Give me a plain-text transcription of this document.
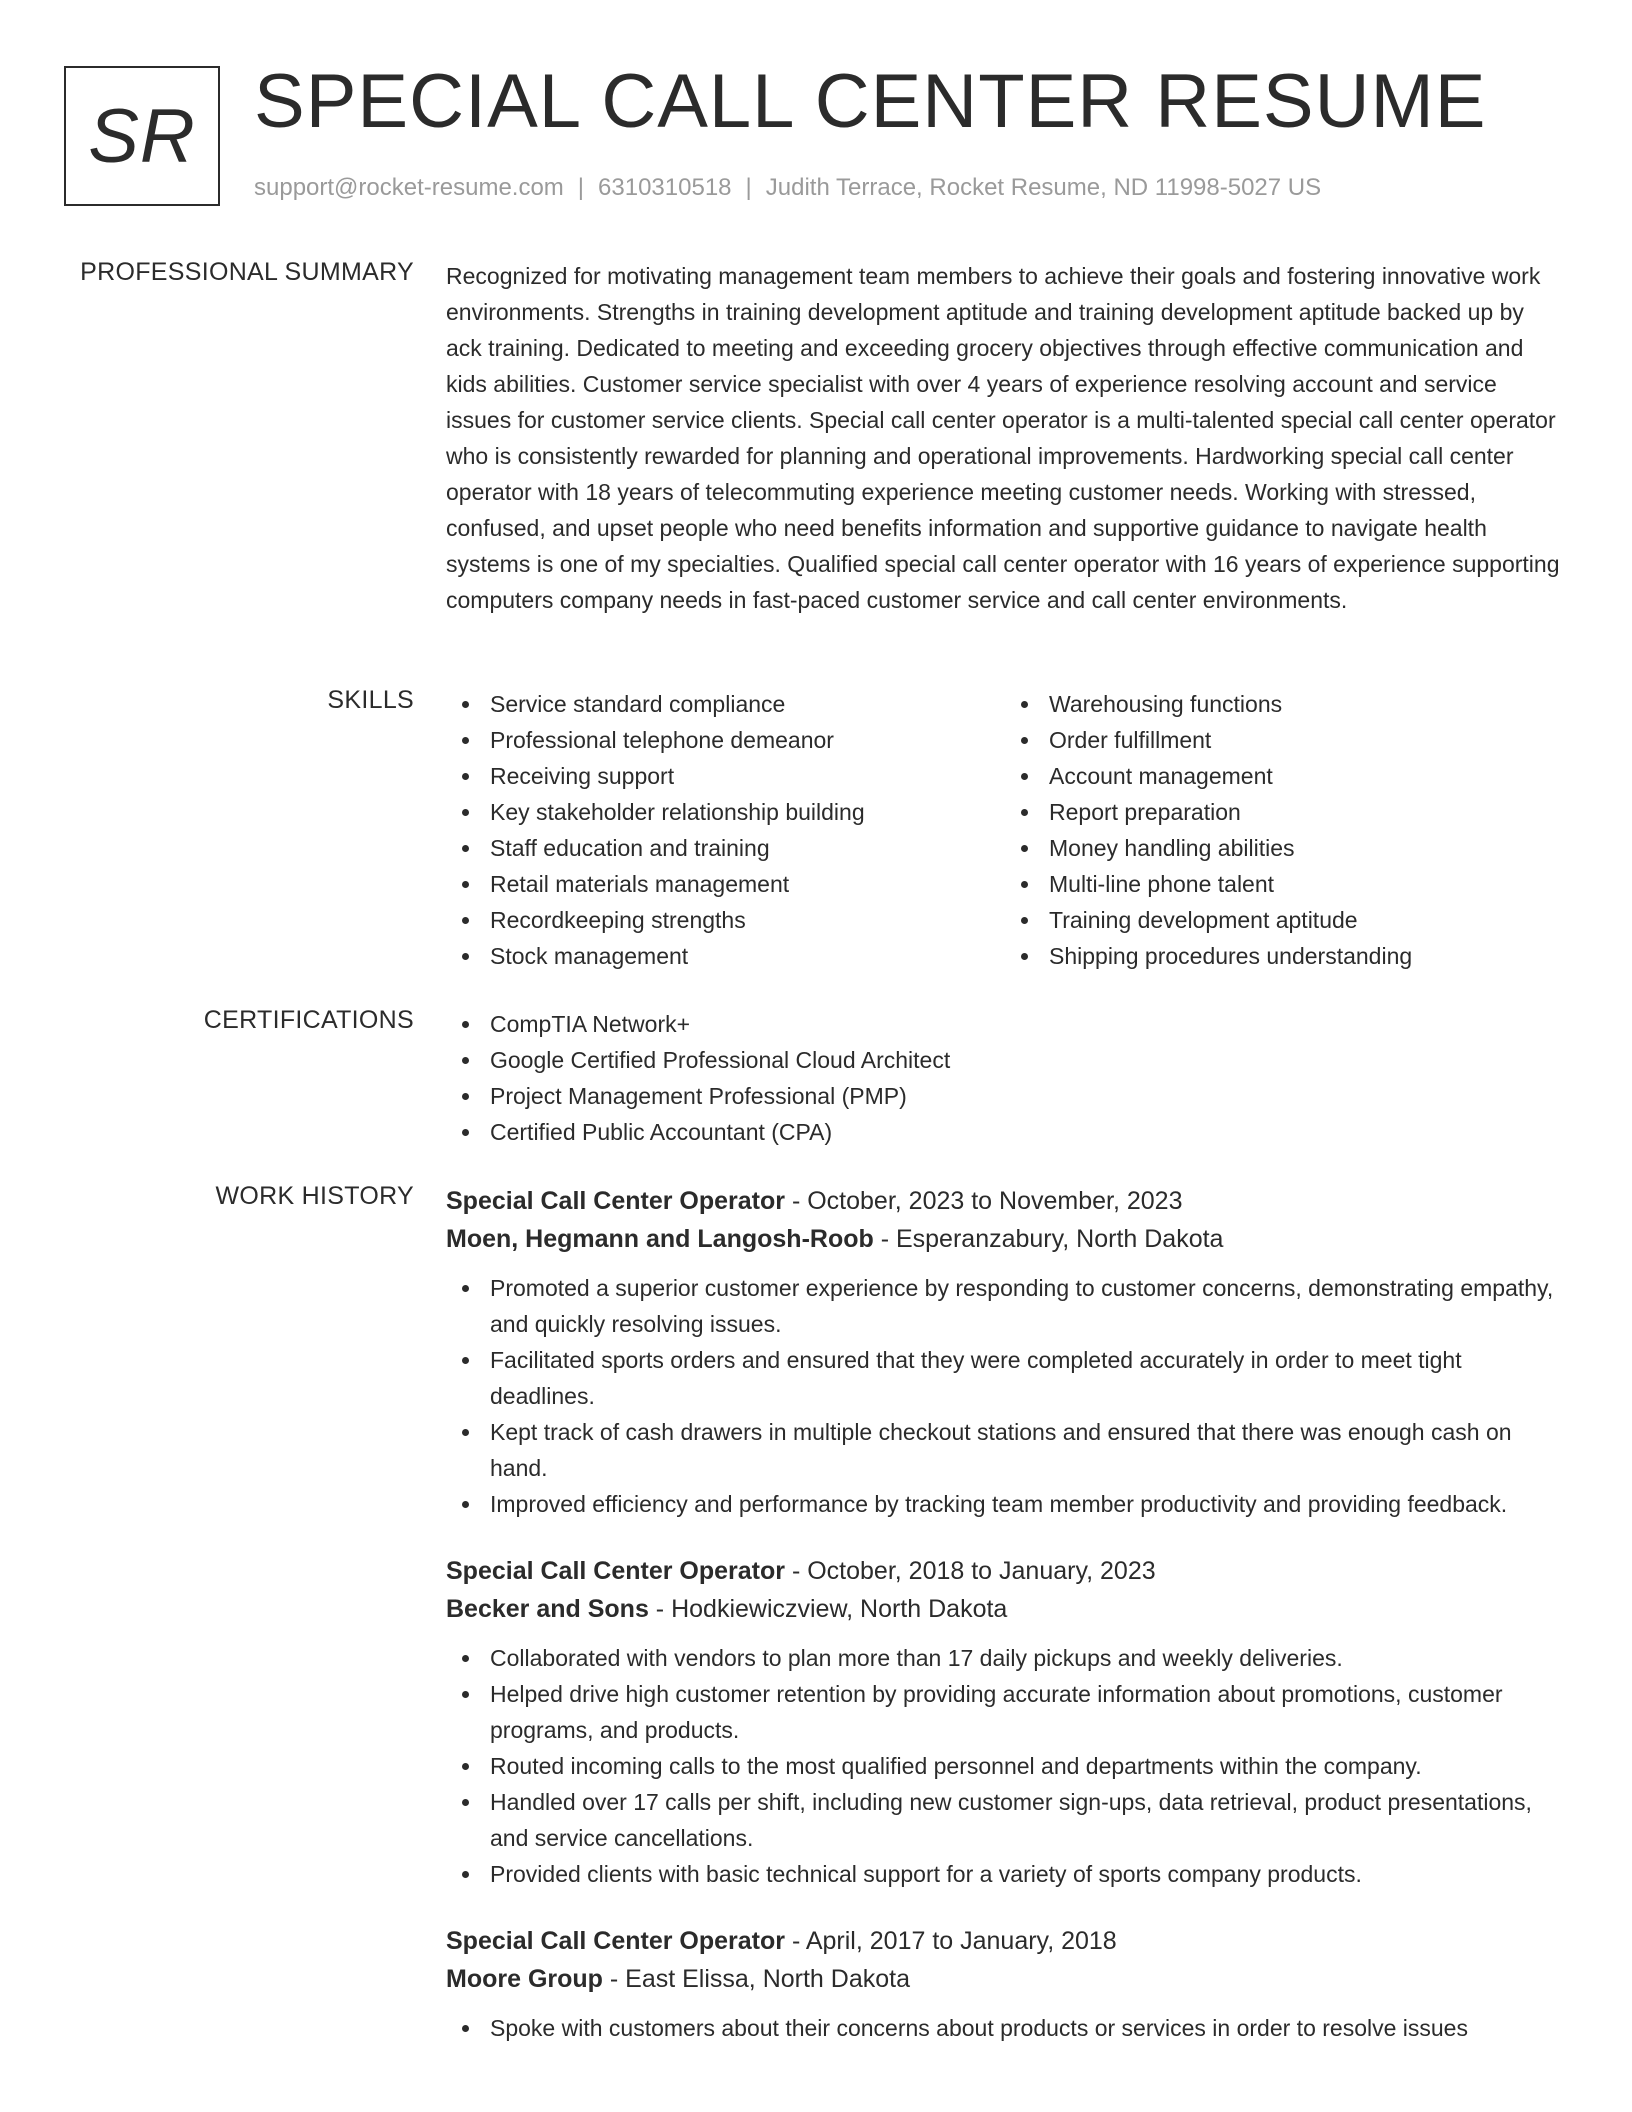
SR SPECIAL CALL CENTER RESUME
support@rocket-resume.com | 6310310518 | Judith Terrace, Rocket Resume, ND 11998-5027 US
PROFESSIONAL SUMMARY Recognized for motivating management team members to achieve their goals and fostering innovative work environments. Strengths in training development aptitude and training development aptitude backed up by ack training. Dedicated to meeting and exceeding grocery objectives through effective communication and kids abilities. Customer service specialist with over 4 years of experience resolving account and service issues for customer service clients. Special call center operator is a multi-talented special call center operator who is consistently rewarded for planning and operational improvements. Hardworking special call center operator with 18 years of telecommuting experience meeting customer needs. Working with stressed, confused, and upset people who need benefits information and supportive guidance to navigate health systems is one of my specialties. Qualified special call center operator with 16 years of experience supporting computers company needs in fast-paced customer service and call center environments.

SKILLS	Service standard compliance
Professional telephone demeanor
Receiving support
Key stakeholder relationship building
Staff education and training
Retail materials management
Recordkeeping strengths
Stock management
Warehousing functions
Order fulfillment
Account management
Report preparation
Money handling abilities
Multi-line phone talent
Training development aptitude
Shipping procedures understanding
CERTIFICATIONS	CompTIA Network+
Google Certified Professional Cloud Architect
Project Management Professional (PMP)
Certified Public Accountant (CPA)
WORK HISTORY Special Call Center Operator - October, 2023 to November, 2023
Moen, Hegmann and Langosh-Roob - Esperanzabury, North Dakota
Promoted a superior customer experience by responding to customer concerns, demonstrating empathy, and quickly resolving issues.
Facilitated sports orders and ensured that they were completed accurately in order to meet tight deadlines.
Kept track of cash drawers in multiple checkout stations and ensured that there was enough cash on hand.
Improved efficiency and performance by tracking team member productivity and providing feedback.
Special Call Center Operator - October, 2018 to January, 2023
Becker and Sons - Hodkiewiczview, North Dakota
Collaborated with vendors to plan more than 17 daily pickups and weekly deliveries.
Helped drive high customer retention by providing accurate information about promotions, customer programs, and products.
Routed incoming calls to the most qualified personnel and departments within the company.
Handled over 17 calls per shift, including new customer sign-ups, data retrieval, product presentations, and service cancellations.
Provided clients with basic technical support for a variety of sports company products.
Special Call Center Operator - April, 2017 to January, 2018
Moore Group - East Elissa, North Dakota
Spoke with customers about their concerns about products or services in order to resolve issues
